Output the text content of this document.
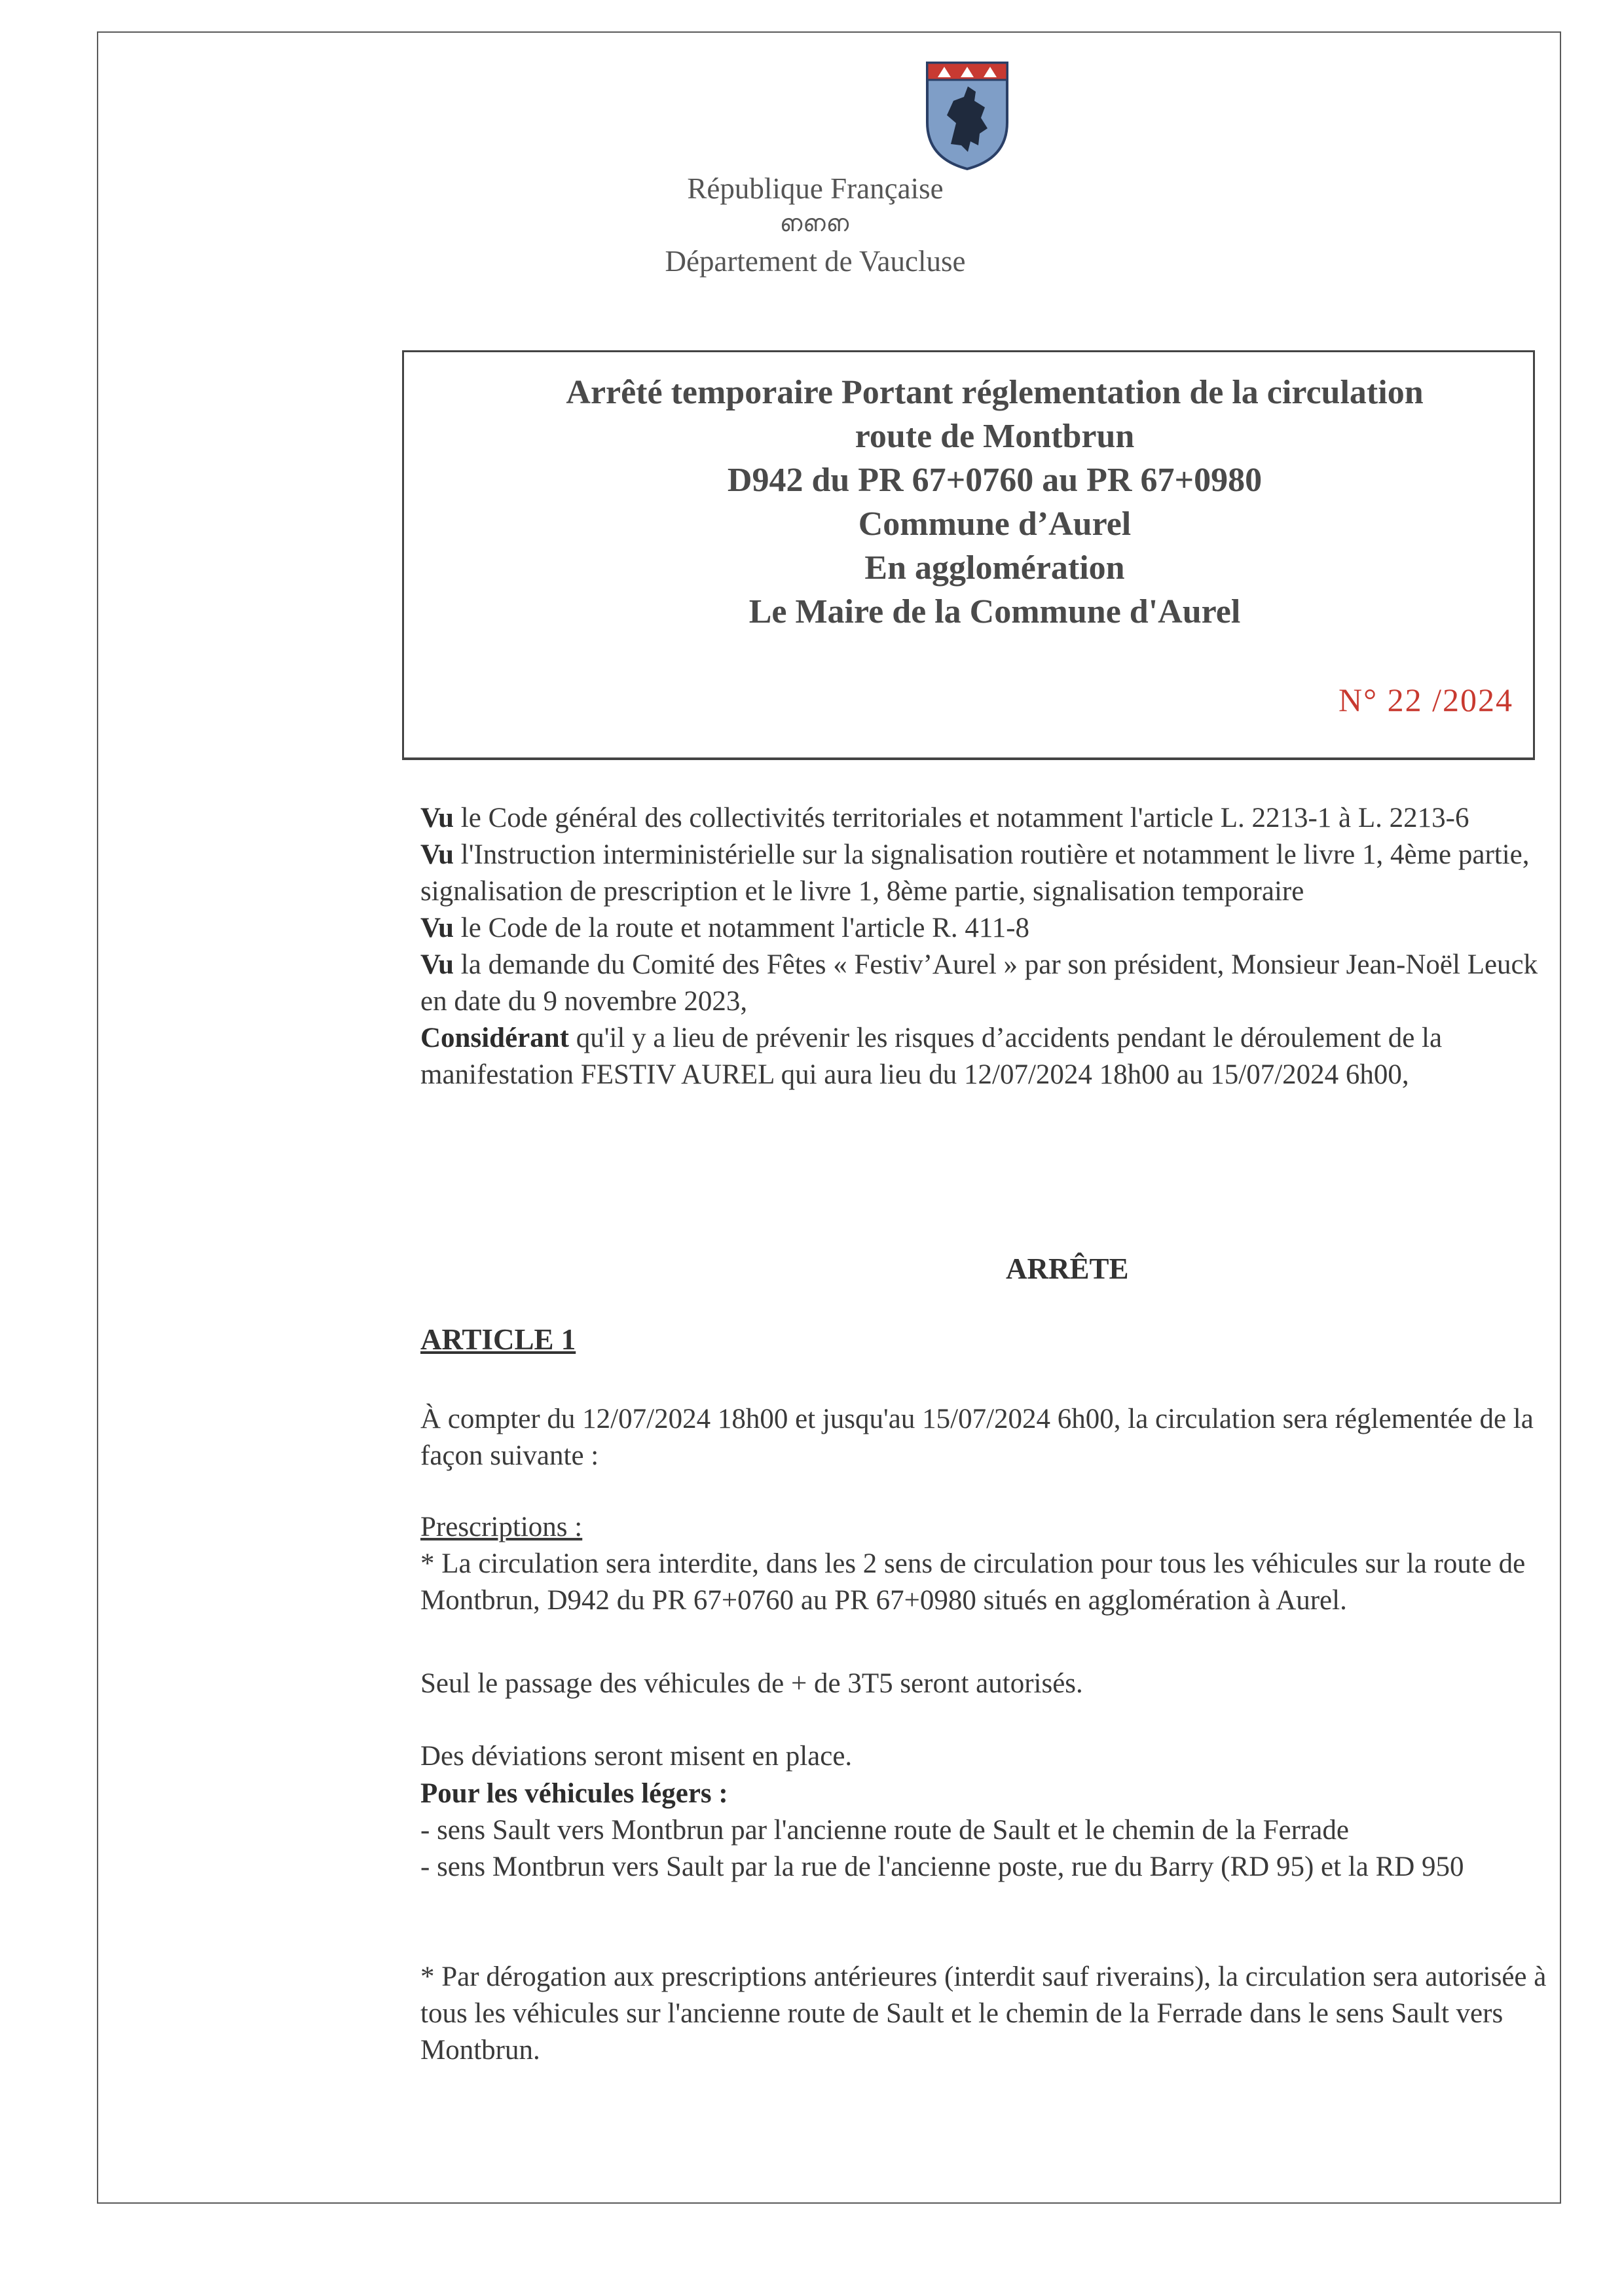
République Française
ഩഩഩ
Département de Vaucluse
Arrêté temporaire Portant réglementation de la circulation
route de Montbrun
D942 du PR 67+0760 au PR 67+0980
Commune d’Aurel
En agglomération
Le Maire de la Commune d'Aurel
N° 22 /2024

Vu le Code général des collectivités territoriales et notamment l'article L. 2213-1 à L. 2213-6

Vu l'Instruction interministérielle sur la signalisation routière et notamment le livre 1, 4ème partie, signalisation de prescription et le livre 1, 8ème partie, signalisation temporaire

Vu le Code de la route et notamment l'article R. 411-8

Vu la demande du Comité des Fêtes « Festiv’Aurel » par son président, Monsieur Jean-Noël Leuck en date du 9 novembre 2023,

Considérant qu'il y a lieu de prévenir les risques d’accidents pendant le déroulement de la manifestation FESTIV AUREL qui aura lieu du 12/07/2024 18h00 au 15/07/2024 6h00,

ARRÊTE
ARTICLE 1
À compter du 12/07/2024 18h00 et jusqu'au 15/07/2024 6h00, la circulation sera réglementée de la façon suivante :
Prescriptions :
* La circulation sera interdite, dans les 2 sens de circulation pour tous les véhicules sur la route de Montbrun, D942 du PR 67+0760 au PR 67+0980 situés en agglomération à Aurel.
Seul le passage des véhicules de + de 3T5 seront autorisés.
Des déviations seront misent en place.
Pour les véhicules légers :
- sens Sault vers Montbrun par l'ancienne route de Sault et le chemin de la Ferrade
- sens Montbrun vers Sault par la rue de l'ancienne poste, rue du Barry (RD 95) et la RD 950
* Par dérogation aux prescriptions antérieures (interdit sauf riverains), la circulation sera autorisée à tous les véhicules sur l'ancienne route de Sault et le chemin de la Ferrade dans le sens Sault vers Montbrun.
